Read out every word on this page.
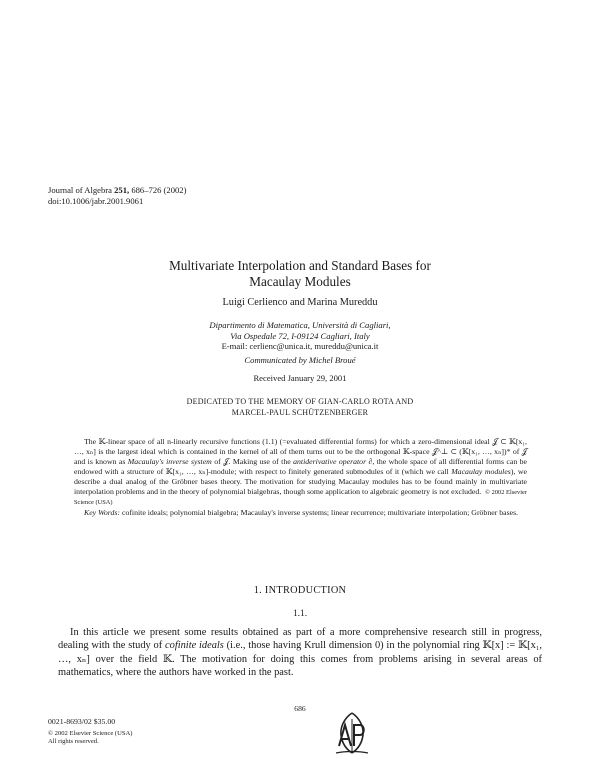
Journal of Algebra 251, 686–726 (2002)
doi:10.1006/jabr.2001.9061
Multivariate Interpolation and Standard Bases for
Macaulay Modules
Luigi Cerlienco and Marina Mureddu
Dipartimento di Matematica, Università di Cagliari,
Via Ospedale 72, I-09124 Cagliari, Italy
E-mail: cerlienc@unica.it, mureddu@unica.it
Communicated by Michel Broué
Received January 29, 2001
DEDICATED TO THE MEMORY OF GIAN-CARLO ROTA AND
MARCEL-PAUL SCHÜTZENBERGER

The 𝕂-linear space of all n-linearly recursive functions (1.1) (=evaluated differential forms) for which a zero-dimensional ideal 𝒥 ⊂ 𝕂[x₁, …, xₙ] is the largest ideal which is contained in the kernel of all of them turns out to be the orthogonal 𝕂-space 𝒥^⊥ ⊂ (𝕂[x₁, …, xₙ])* of 𝒥 and is known as Macaulay's inverse system of 𝒥. Making use of the antiderivative operator ∂, the whole space of all differential forms can be endowed with a structure of 𝕂[x₁, …, xₙ]-module; with respect to finitely generated submodules of it (which we call Macaulay modules), we describe a dual analog of the Gröbner bases theory. The motivation for studying Macaulay modules has to be found mainly in multivariate interpolation problems and in the theory of polynomial bialgebras, though some application to algebraic geometry is not excluded. © 2002 Elsevier Science (USA)

Key Words: cofinite ideals; polynomial bialgebra; Macaulay's inverse systems; linear recurrence; multivariate interpolation; Gröbner bases.

1. INTRODUCTION
1.1.

In this article we present some results obtained as part of a more comprehensive research still in progress, dealing with the study of cofinite ideals (i.e., those having Krull dimension 0) in the polynomial ring 𝕂[x] := 𝕂[x₁, …, xₙ] over the field 𝕂. The motivation for doing this comes from problems arising in several areas of mathematics, where the authors have worked in the past.

686
0021-8693/02 $35.00
© 2002 Elsevier Science (USA)
All rights reserved.
